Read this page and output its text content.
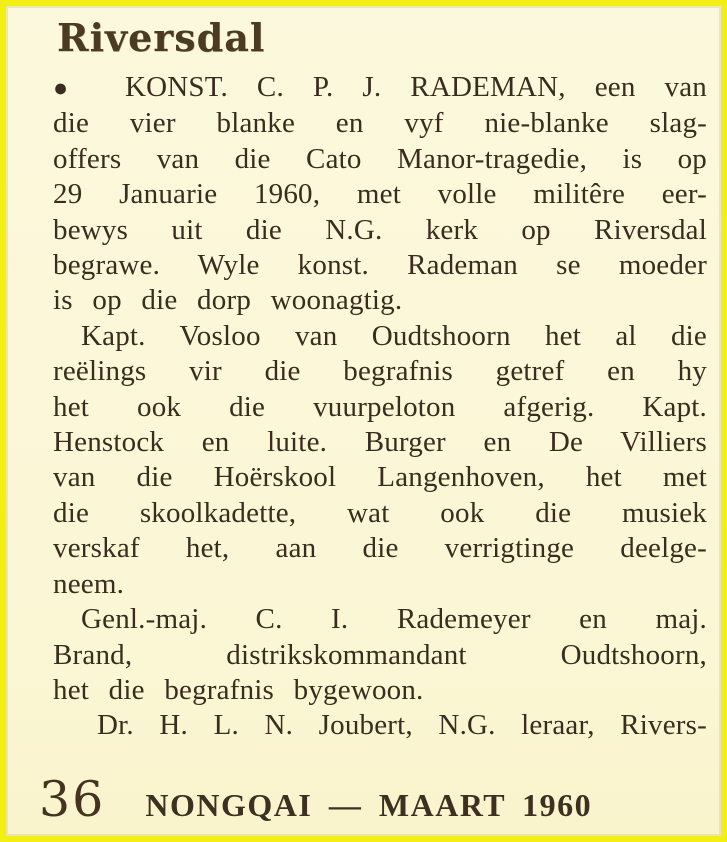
Riversdal
●	KONST. C. P. J. RADEMAN, een van
die vier blanke en vyf nie-blanke slag-
offers van die Cato Manor-tragedie, is op
29 Januarie 1960, met volle militêre eer-
bewys uit die N.G. kerk op Riversdal
begrawe. Wyle konst. Rademan se moeder
is op die dorp woonagtig.
Kapt. Vosloo van Oudtshoorn het al die
reëlings vir die begrafnis getref en hy
het ook die vuurpeloton afgerig. Kapt.
Henstock en luite. Burger en De Villiers
van die Hoërskool Langenhoven, het met
die skoolkadette, wat ook die musiek
verskaf het, aan die verrigtinge deelge-
neem.
Genl.-maj. C. I. Rademeyer en maj.
Brand, distrikskommandant Oudtshoorn,
het die begrafnis bygewoon.
Dr. H. L. N. Joubert, N.G. leraar, Rivers-
36 NONGQAI — MAART 1960
